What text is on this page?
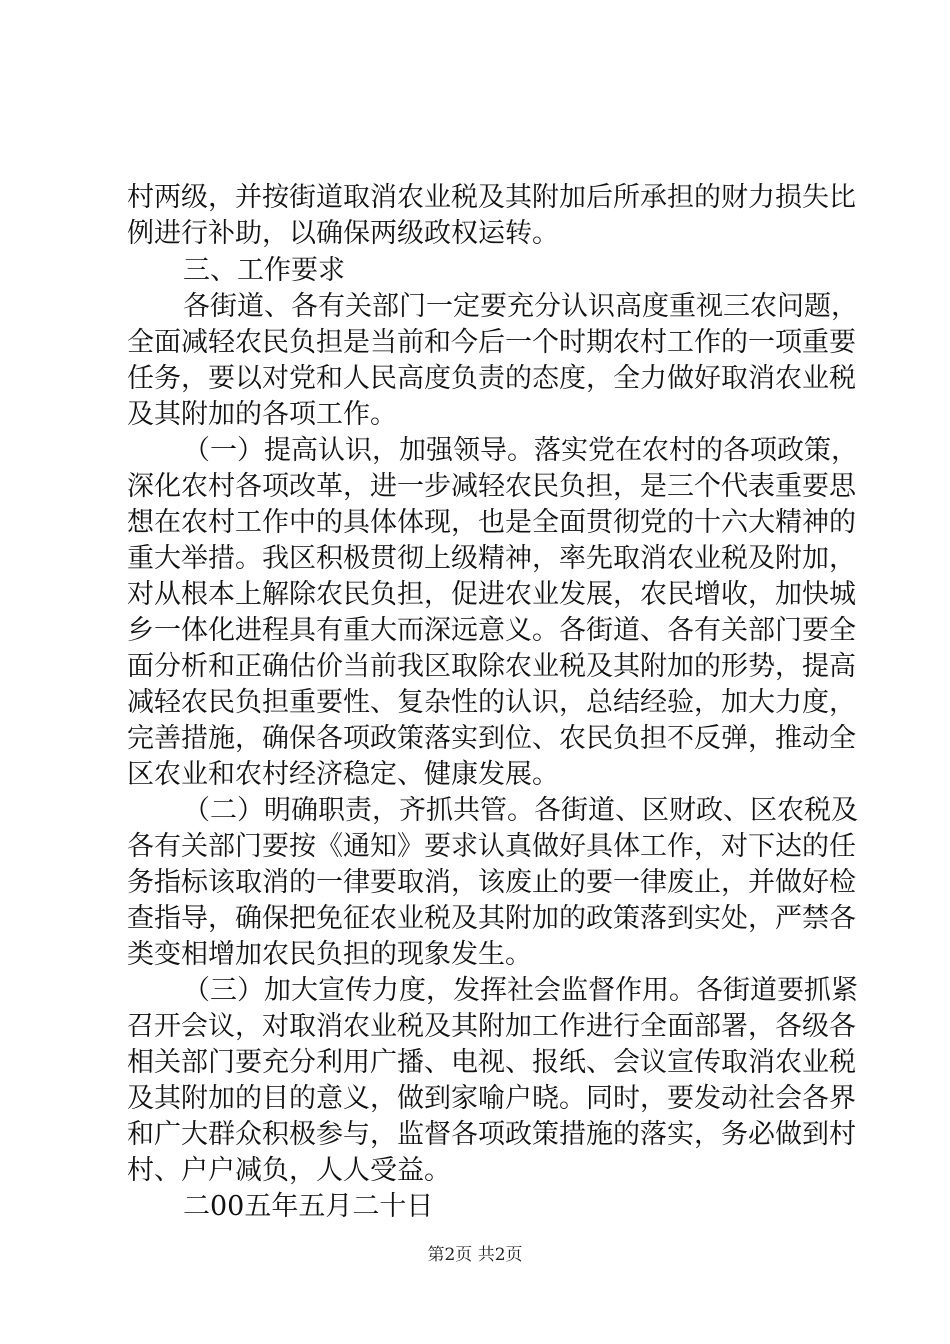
村两级，并按街道取消农业税及其附加后所承担的财力损失比
例进行补助，以确保两级政权运转。
三、工作要求
各街道、各有关部门一定要充分认识高度重视三农问题，
全面减轻农民负担是当前和今后一个时期农村工作的一项重要
任务，要以对党和人民高度负责的态度，全力做好取消农业税
及其附加的各项工作。
（一）提高认识，加强领导。落实党在农村的各项政策，
深化农村各项改革，进一步减轻农民负担，是三个代表重要思
想在农村工作中的具体体现，也是全面贯彻党的十六大精神的
重大举措。我区积极贯彻上级精神，率先取消农业税及附加，
对从根本上解除农民负担，促进农业发展，农民增收，加快城
乡一体化进程具有重大而深远意义。各街道、各有关部门要全
面分析和正确估价当前我区取除农业税及其附加的形势，提高
减轻农民负担重要性、复杂性的认识，总结经验，加大力度，
完善措施，确保各项政策落实到位、农民负担不反弹，推动全
区农业和农村经济稳定、健康发展。
（二）明确职责，齐抓共管。各街道、区财政、区农税及
各有关部门要按《通知》要求认真做好具体工作，对下达的任
务指标该取消的一律要取消，该废止的要一律废止，并做好检
查指导，确保把免征农业税及其附加的政策落到实处，严禁各
类变相增加农民负担的现象发生。
（三）加大宣传力度，发挥社会监督作用。各街道要抓紧
召开会议，对取消农业税及其附加工作进行全面部署，各级各
相关部门要充分利用广播、电视、报纸、会议宣传取消农业税
及其附加的目的意义，做到家喻户晓。同时，要发动社会各界
和广大群众积极参与，监督各项政策措施的落实，务必做到村
村、户户减负，人人受益。
二00五年五月二十日
第2页 共2页
